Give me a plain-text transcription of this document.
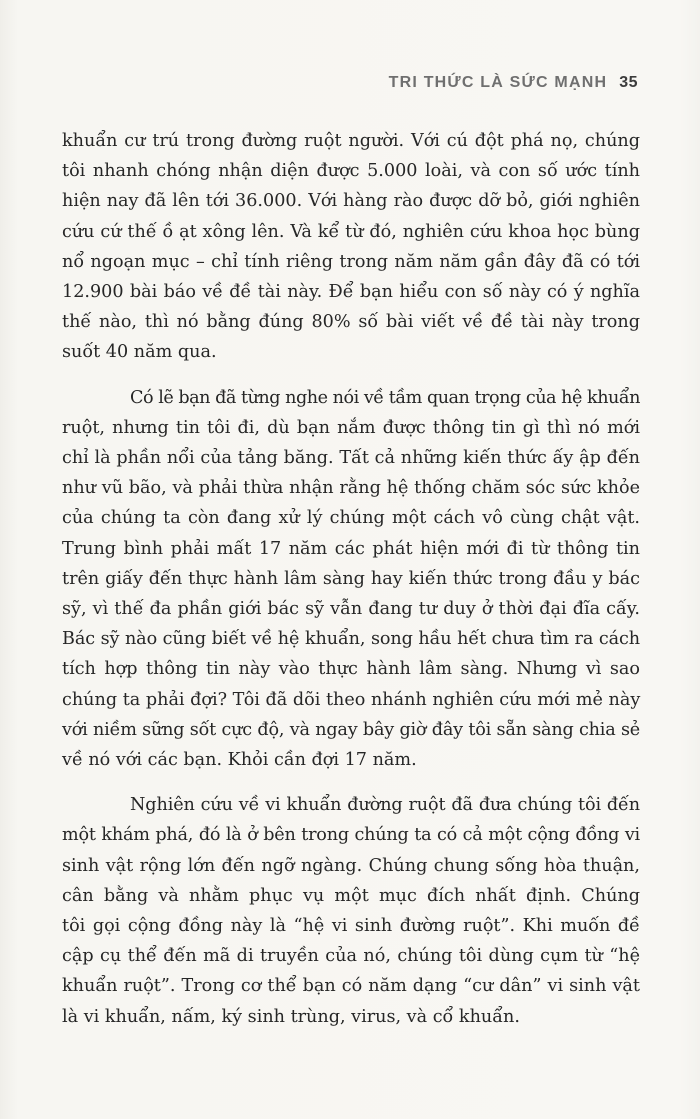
TRI THỨC LÀ SỨC MẠNH 35

khuẩn cư trú trong đường ruột người. Với cú đột phá nọ, chúng
tôi nhanh chóng nhận diện được 5.000 loài, và con số ước tính
hiện nay đã lên tới 36.000. Với hàng rào được dỡ bỏ, giới nghiên
cứu cứ thế ồ ạt xông lên. Và kể từ đó, nghiên cứu khoa học bùng
nổ ngoạn mục – chỉ tính riêng trong năm năm gần đây đã có tới
12.900 bài báo về đề tài này. Để bạn hiểu con số này có ý nghĩa
thế nào, thì nó bằng đúng 80% số bài viết về đề tài này trong
suốt 40 năm qua.

Có lẽ bạn đã từng nghe nói về tầm quan trọng của hệ khuẩn
ruột, nhưng tin tôi đi, dù bạn nắm được thông tin gì thì nó mới
chỉ là phần nổi của tảng băng. Tất cả những kiến thức ấy ập đến
như vũ bão, và phải thừa nhận rằng hệ thống chăm sóc sức khỏe
của chúng ta còn đang xử lý chúng một cách vô cùng chật vật.
Trung bình phải mất 17 năm các phát hiện mới đi từ thông tin
trên giấy đến thực hành lâm sàng hay kiến thức trong đầu y bác
sỹ, vì thế đa phần giới bác sỹ vẫn đang tư duy ở thời đại đĩa cấy.
Bác sỹ nào cũng biết về hệ khuẩn, song hầu hết chưa tìm ra cách
tích hợp thông tin này vào thực hành lâm sàng. Nhưng vì sao
chúng ta phải đợi? Tôi đã dõi theo nhánh nghiên cứu mới mẻ này
với niềm sững sốt cực độ, và ngay bây giờ đây tôi sẵn sàng chia sẻ
về nó với các bạn. Khỏi cần đợi 17 năm.

Nghiên cứu về vi khuẩn đường ruột đã đưa chúng tôi đến
một khám phá, đó là ở bên trong chúng ta có cả một cộng đồng vi
sinh vật rộng lớn đến ngỡ ngàng. Chúng chung sống hòa thuận,
cân bằng và nhằm phục vụ một mục đích nhất định. Chúng
tôi gọi cộng đồng này là “hệ vi sinh đường ruột”. Khi muốn đề
cập cụ thể đến mã di truyền của nó, chúng tôi dùng cụm từ “hệ
khuẩn ruột”. Trong cơ thể bạn có năm dạng “cư dân” vi sinh vật
là vi khuẩn, nấm, ký sinh trùng, virus, và cổ khuẩn.
